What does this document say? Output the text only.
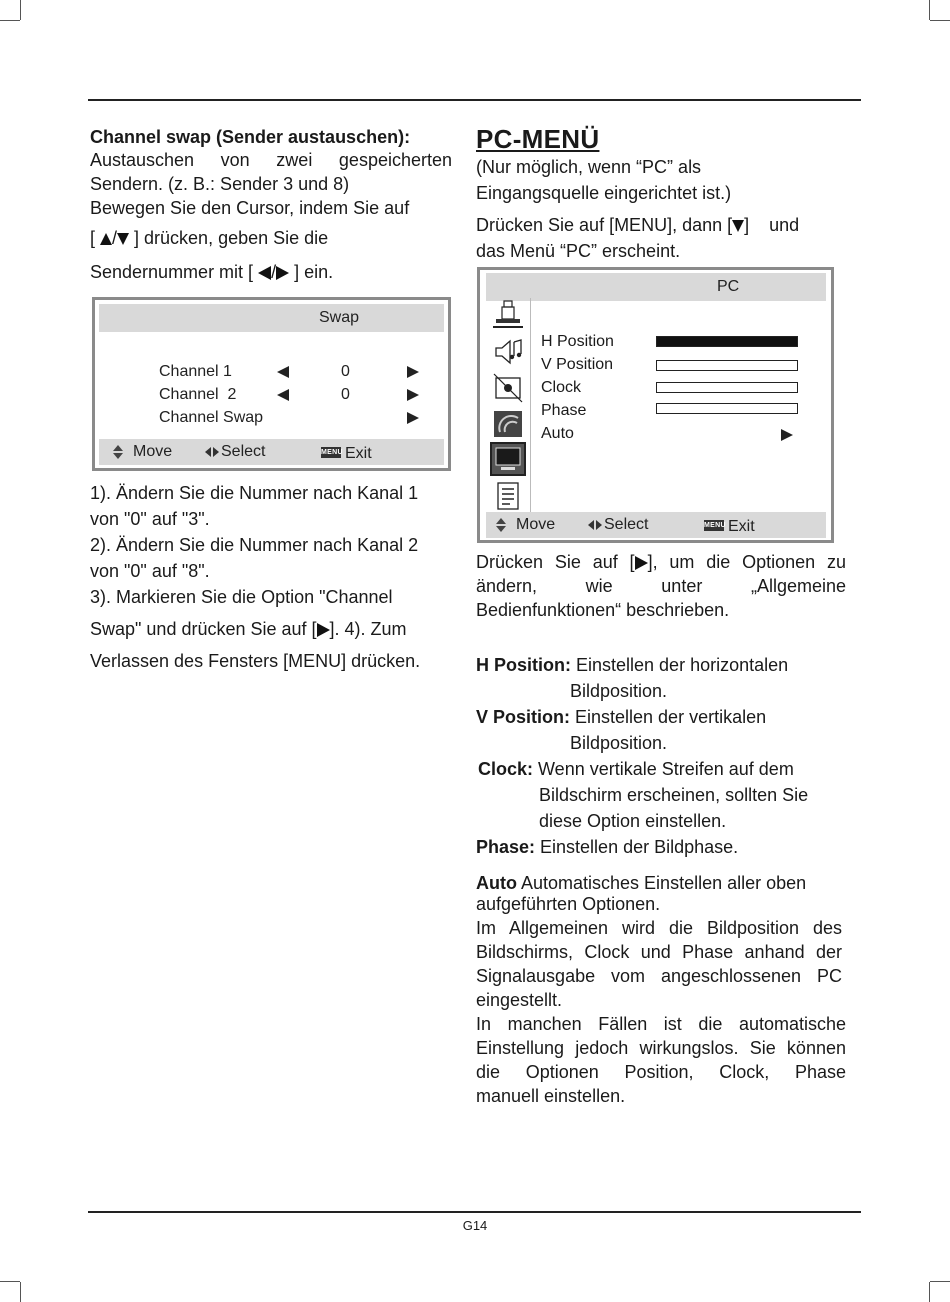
Channel swap (Sender austauschen):
Austauschen von zwei gespeicherten
Sendern. (z. B.: Sender 3 und 8)
Bewegen Sie den Cursor, indem Sie auf
[ / ] drücken, geben Sie die
Sendernummer mit [ / ] ein.
Swap
Channel 1	0
Channel  2	0
Channel Swap
Move	Select	MENU Exit
1). Ändern Sie die Nummer nach Kanal 1
von "0" auf "3".
2). Ändern Sie die Nummer nach Kanal 2
von "0" auf "8".
3). Markieren Sie die Option "Channel
Swap" und drücken Sie auf [ ]. 4). Zum
Verlassen des Fensters [MENU] drücken.
PC-MENÜ
(Nur möglich, wenn “PC” als
Eingangsquelle eingerichtet ist.)
Drücken Sie auf [MENU], dann [ ]    und
das Menü “PC” erscheint.
PC
Move	Select	MENU Exit
H Position
V Position
Clock
Phase
Auto
Drücken Sie auf [ ], um die Optionen zu
ändern, wie unter „Allgemeine
Bedienfunktionen“ beschrieben.
H Position: Einstellen der horizontalen
Bildposition.
V Position: Einstellen der vertikalen
Bildposition.
Clock: Wenn vertikale Streifen auf dem
Bildschirm erscheinen, sollten Sie
diese Option einstellen.
Phase: Einstellen der Bildphase.
Auto Automatisches Einstellen aller oben
aufgeführten Optionen.
Im Allgemeinen wird die Bildposition des
Bildschirms, Clock und Phase anhand der
Signalausgabe vom angeschlossenen PC
eingestellt.
In manchen Fällen ist die automatische
Einstellung jedoch wirkungslos. Sie können
die Optionen Position, Clock, Phase
manuell einstellen.
G14
